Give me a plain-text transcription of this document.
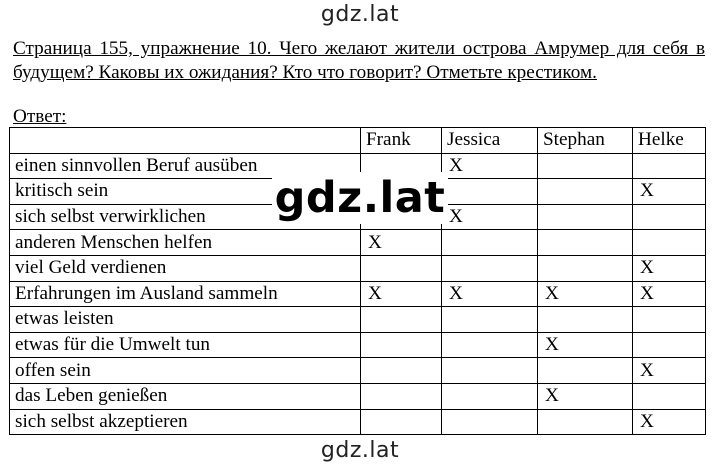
gdz.lat
Страница 155, упражнение 10. Чего желают жители острова Амрумер для себя в будущем? Каковы их ожидания? Кто что говорит? Отметьте крестиком.
Ответ:
	Frank	Jessica	Stephan	Helke
einen sinnvollen Beruf ausüben		X		
kritisch sein				X
sich selbst verwirklichen		X		
anderen Menschen helfen	X			
viel Geld verdienen				X
Erfahrungen im Ausland sammeln	X	X	X	X
etwas leisten				
etwas für die Umwelt tun			X	
offen sein				X
das Leben genießen			X	
sich selbst akzeptieren				X
gdz.lat
gdz.lat
